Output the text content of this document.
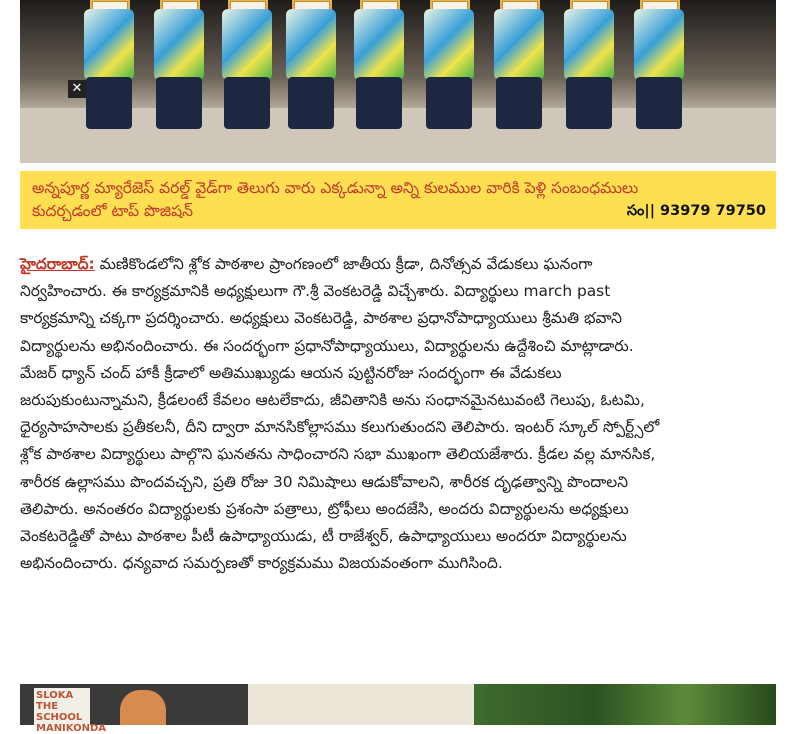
✕
అన్నపూర్ణ మ్యారేజెస్ వరల్డ్ వైడ్‌గా తెలుగు వారు ఎక్కడున్నా అన్ని కులముల వారికి పెళ్లి సంబంధములు
కుదర్చడంలో టాప్ పొజిషన్	సం|| 93979 79750

హైదరాబాద్: మణికొండలోని శ్లోక పాఠశాల ప్రాంగణంలో జాతీయ క్రీడా, దినోత్సవ వేడుకలు ఘనంగా
నిర్వహించారు. ఈ కార్యక్రమానికి అధ్యక్షులుగా గౌ.శ్రీ వెంకటరెడ్డి విచ్చేశారు. విద్యార్థులు march past
కార్యక్రమాన్ని చక్కగా ప్రదర్శించారు. అధ్యక్షులు వెంకటరెడ్డి, పాఠశాల ప్రధానోపాధ్యాయులు శ్రీమతి భవాని
విద్యార్థులను అభినందించారు. ఈ సందర్భంగా ప్రధానోపాధ్యాయులు, విద్యార్థులను ఉద్దేశించి మాట్లాడారు.
మేజర్ ధ్యాన్ చంద్ హాకీ క్రీడాలో అతిముఖ్యుడు ఆయన పుట్టినరోజు సందర్భంగా ఈ వేడుకలు
జరుపుకుంటున్నామని, క్రీడలంటే కేవలం ఆటలేకాదు, జీవితానికి అను సంధానమైనటువంటి గెలుపు, ఓటమి,
ధైర్యసాహసాలకు ప్రతీకలనీ, దీని ద్వారా మానసికోల్లాసము కలుగుతుందని తెలిపారు. ఇంటర్ స్కూల్ స్పోర్ట్స్‌లో
శ్లోక పాఠశాల విద్యార్థులు పాల్గొని ఘనతను సాధించారని సభా ముఖంగా తెలియజేశారు. క్రీడల వల్ల మానసిక,
శారీరక ఉల్లాసము పొందవచ్చని, ప్రతి రోజు 30 నిమిషాలు ఆడుకోవాలని, శారీరక దృఢత్వాన్ని పొందాలని
తెలిపారు. అనంతరం విద్యార్థులకు ప్రశంసా పత్రాలు, ట్రోఫీలు అందజేసి, అందరు విద్యార్థులను అధ్యక్షులు
వెంకటరెడ్డితో పాటు పాఠశాల పీటీ ఉపాధ్యాయుడు, టీ రాజేశ్వర్, ఉపాధ్యాయులు అందరూ విద్యార్థులను
అభినందించారు. ధన్యవాద సమర్పణతో కార్యక్రమము విజయవంతంగా ముగిసింది.

SLOKA THE SCHOOL MANIKONDA
